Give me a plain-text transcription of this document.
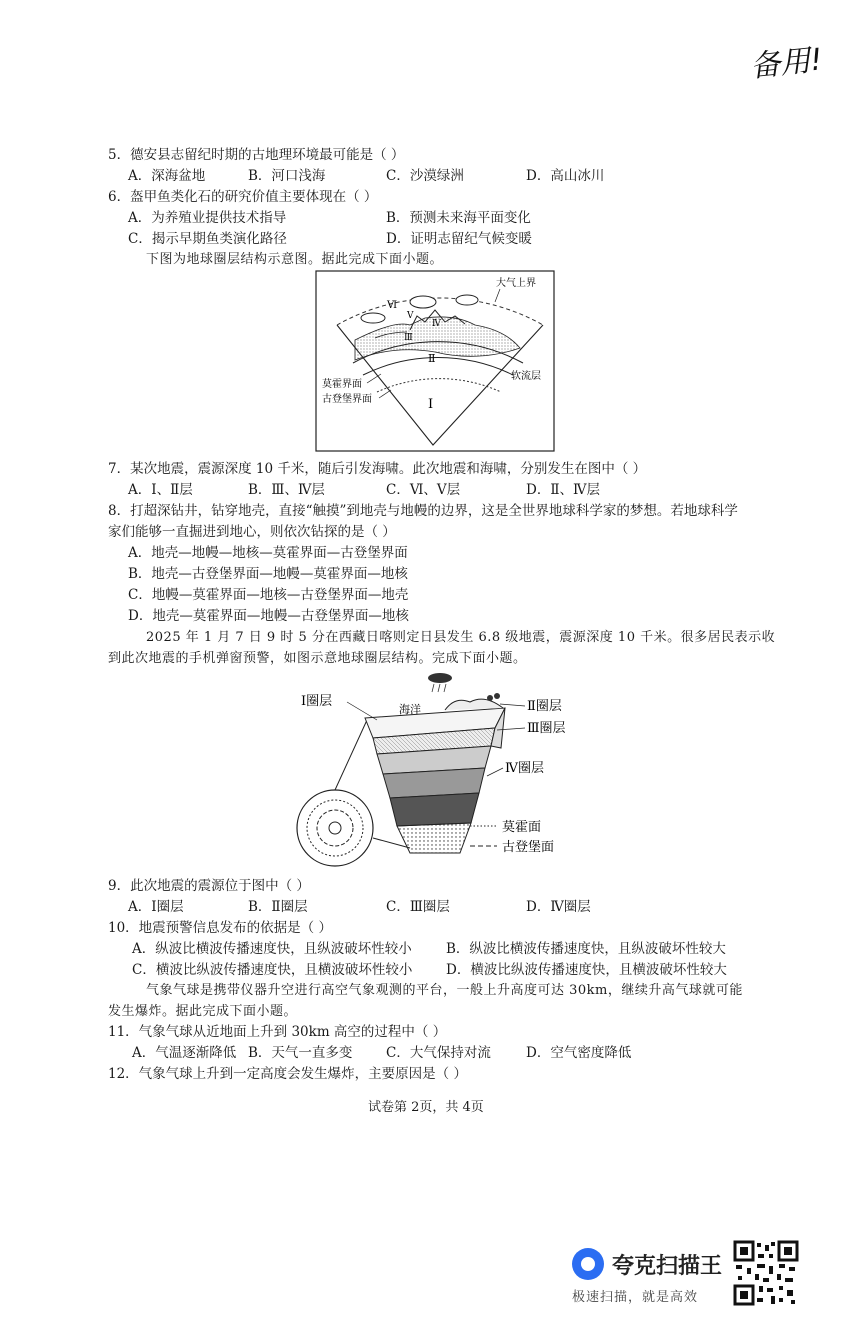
备用!
5．德安县志留纪时期的古地理环境最可能是（ ）
A．深海盆地	B．河口浅海	C．沙漠绿洲	D．高山冰川
6．盔甲鱼类化石的研究价值主要体现在（ ）
A．为养殖业提供技术指导	B．预测未来海平面变化
C．揭示早期鱼类演化路径	D．证明志留纪气候变暖
下图为地球圈层结构示意图。据此完成下面小题。
大气上界
软流层
莫霍界面
古登堡界面	Ⅰ
Ⅱ
Ⅲ
Ⅳ
Ⅴ
Ⅵ
7．某次地震，震源深度 10 千米，随后引发海啸。此次地震和海啸，分别发生在图中（ ）
A．Ⅰ、Ⅱ层	B．Ⅲ、Ⅳ层	C．Ⅵ、Ⅴ层	D．Ⅱ、Ⅳ层
8．打超深钻井，钻穿地壳，直接“触摸”到地壳与地幔的边界，这是全世界地球科学家的梦想。若地球科学
家们能够一直掘进到地心，则依次钻探的是（ ）
A．地壳—地幔—地核—莫霍界面—古登堡界面
B．地壳—古登堡界面—地幔—莫霍界面—地核
C．地幔—莫霍界面—地核—古登堡界面—地壳
D．地壳—莫霍界面—地幔—古登堡界面—地核
2025 年 1 月 7 日 9 时 5 分在西藏日喀则定日县发生 6.8 级地震，震源深度 10 千米。很多居民表示收
到此次地震的手机弹窗预警，如图示意地球圈层结构。完成下面小题。
海洋
Ⅰ圈层	Ⅱ圈层
Ⅲ圈层
Ⅳ圈层
莫霍面
古登堡面
9．此次地震的震源位于图中（ ）
A．Ⅰ圈层	B．Ⅱ圈层	C．Ⅲ圈层	D．Ⅳ圈层
10．地震预警信息发布的依据是（ ）
A．纵波比横波传播速度快，且纵波破坏性较小	B．纵波比横波传播速度快，且纵波破坏性较大
C．横波比纵波传播速度快，且横波破坏性较小 D．横波比纵波传播速度快，且横波破坏性较大
气象气球是携带仪器升空进行高空气象观测的平台，一般上升高度可达 30km，继续升高气球就可能
发生爆炸。据此完成下面小题。
11．气象气球从近地面上升到 30km 高空的过程中（ ）
A．气温逐渐降低 B．天气一直多变 C．大气保持对流	D．空气密度降低
12．气象气球上升到一定高度会发生爆炸，主要原因是（ ）
试卷第 2页，共 4页
夸克扫描王
极速扫描，就是高效
